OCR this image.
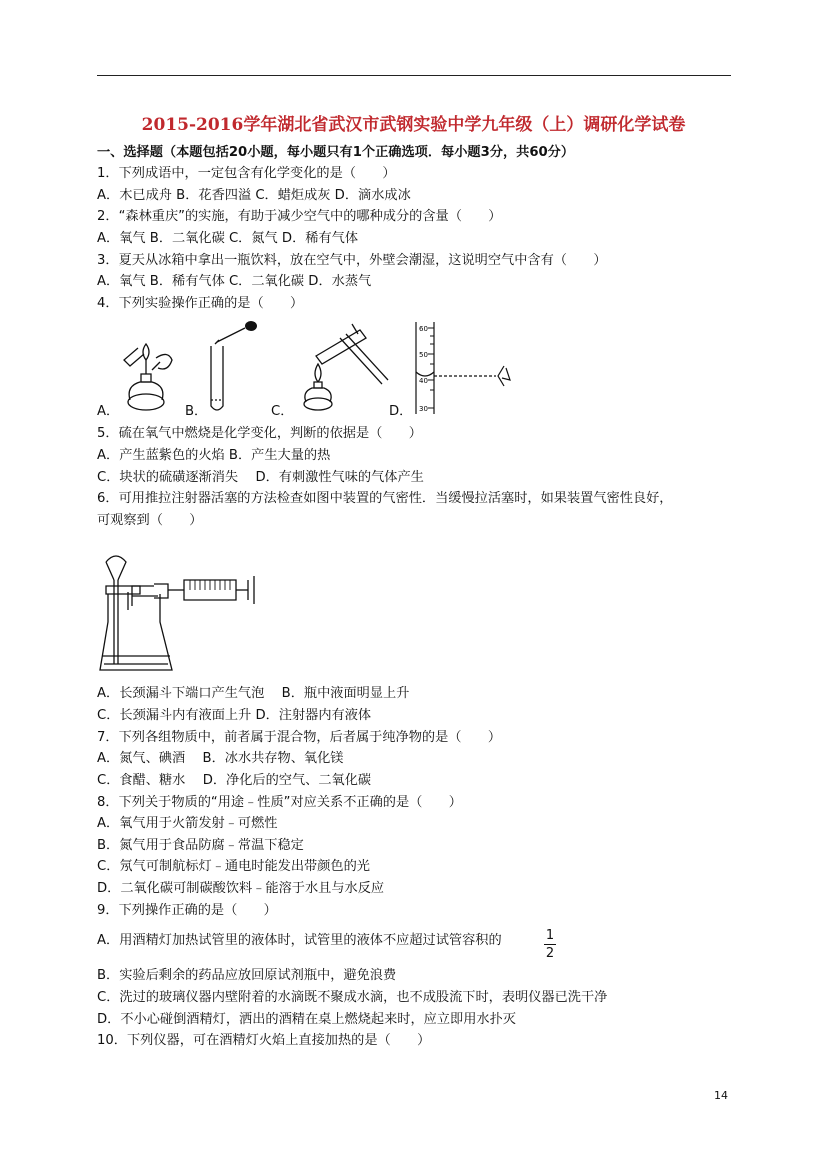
2015-2016学年湖北省武汉市武钢实验中学九年级（上）调研化学试卷
一、选择题（本题包括20小题，每小题只有1个正确选项．每小题3分，共60分）
1．下列成语中，一定包含有化学变化的是（　　）
A．木已成舟 B．花香四溢 C．蜡炬成灰 D．滴水成冰
2．“森林重庆”的实施，有助于减少空气中的哪种成分的含量（　　）
A．氧气 B．二氧化碳 C．氮气 D．稀有气体
3．夏天从冰箱中拿出一瓶饮料，放在空气中，外壁会潮湿，这说明空气中含有（　　）
A．氧气 B．稀有气体 C．二氧化碳 D．水蒸气
4．下列实验操作正确的是（　　）
A．	B．	C．	D．
60
50
40
30
5．硫在氧气中燃烧是化学变化，判断的依据是（　　）
A．产生蓝紫色的火焰 B．产生大量的热
C．块状的硫磺逐渐消失　 D．有刺激性气味的气体产生
6．可用推拉注射器活塞的方法检查如图中装置的气密性．当缓慢拉活塞时，如果装置气密性良好，
可观察到（　　）
A．长颈漏斗下端口产生气泡　 B．瓶中液面明显上升
C．长颈漏斗内有液面上升 D．注射器内有液体
7．下列各组物质中，前者属于混合物，后者属于纯净物的是（　　）
A．氮气、碘酒　 B．冰水共存物、氧化镁
C．食醋、糖水　 D．净化后的空气、二氧化碳
8．下列关于物质的“用途﹣性质”对应关系不正确的是（　　）
A．氧气用于火箭发射﹣可燃性
B．氮气用于食品防腐﹣常温下稳定
C．氖气可制航标灯﹣通电时能发出带颜色的光
D．二氧化碳可制碳酸饮料﹣能溶于水且与水反应
9．下列操作正确的是（　　）
A．用酒精灯加热试管里的液体时，试管里的液体不应超过试管容积的	1
2
B．实验后剩余的药品应放回原试剂瓶中，避免浪费
C．洗过的玻璃仪器内壁附着的水滴既不聚成水滴，也不成股流下时，表明仪器已洗干净
D．不小心碰倒酒精灯，洒出的酒精在桌上燃烧起来时，应立即用水扑灭
10．下列仪器，可在酒精灯火焰上直接加热的是（　　）
14
